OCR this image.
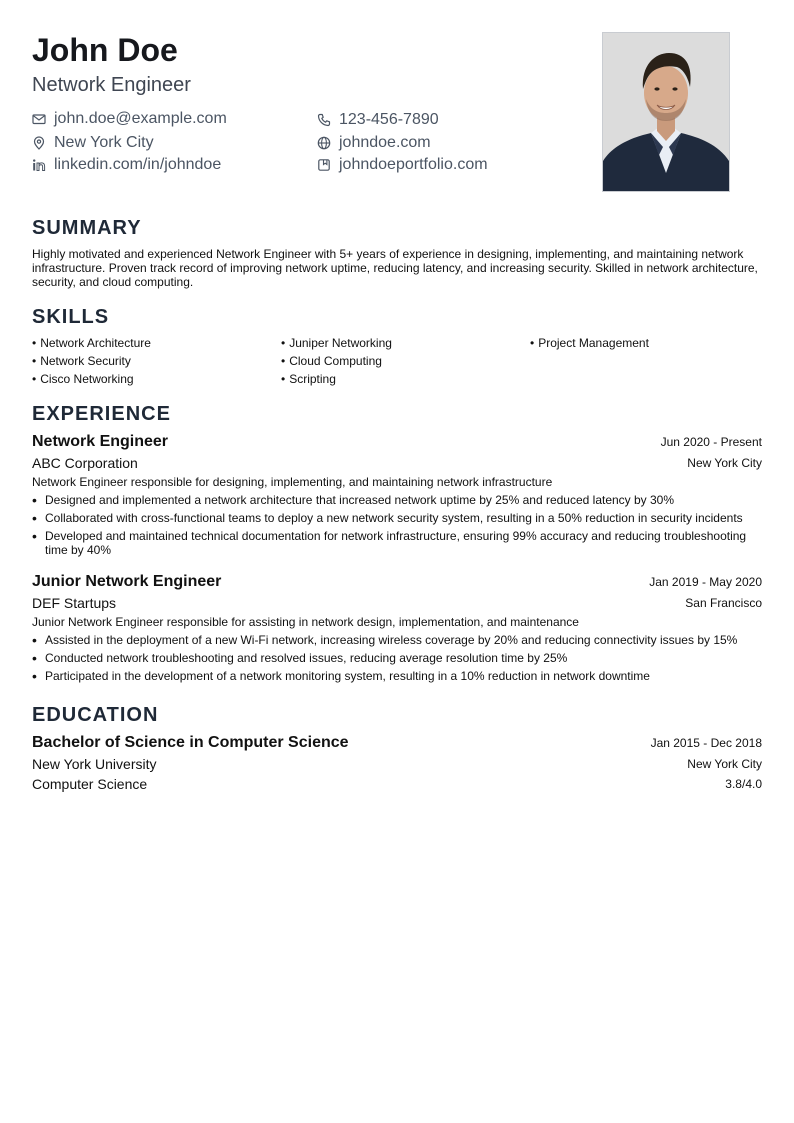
John Doe
Network Engineer
john.doe@example.com	123-456-7890
New York City	johndoe.com
linkedin.com/in/johndoe	johndoeportfolio.com
SUMMARY
Highly motivated and experienced Network Engineer with 5+ years of experience in designing, implementing, and maintaining network infrastructure. Proven track record of improving network uptime, reducing latency, and increasing security. Skilled in network architecture, security, and cloud computing.
SKILLS
• Network Architecture	• Juniper Networking	• Project Management
• Network Security	• Cloud Computing
• Cisco Networking	• Scripting
EXPERIENCE
Network Engineer	Jun 2020 - Present
ABC Corporation	New York City
Network Engineer responsible for designing, implementing, and maintaining network infrastructure
• Designed and implemented a network architecture that increased network uptime by 25% and reduced latency by 30%
• Collaborated with cross-functional teams to deploy a new network security system, resulting in a 50% reduction in security incidents
• Developed and maintained technical documentation for network infrastructure, ensuring 99% accuracy and reducing troubleshooting time by 40%
Junior Network Engineer	Jan 2019 - May 2020
DEF Startups	San Francisco
Junior Network Engineer responsible for assisting in network design, implementation, and maintenance
• Assisted in the deployment of a new Wi-Fi network, increasing wireless coverage by 20% and reducing connectivity issues by 15%
• Conducted network troubleshooting and resolved issues, reducing average resolution time by 25%
• Participated in the development of a network monitoring system, resulting in a 10% reduction in network downtime
EDUCATION
Bachelor of Science in Computer Science	Jan 2015 - Dec 2018
New York University	New York City
Computer Science	3.8/4.0
